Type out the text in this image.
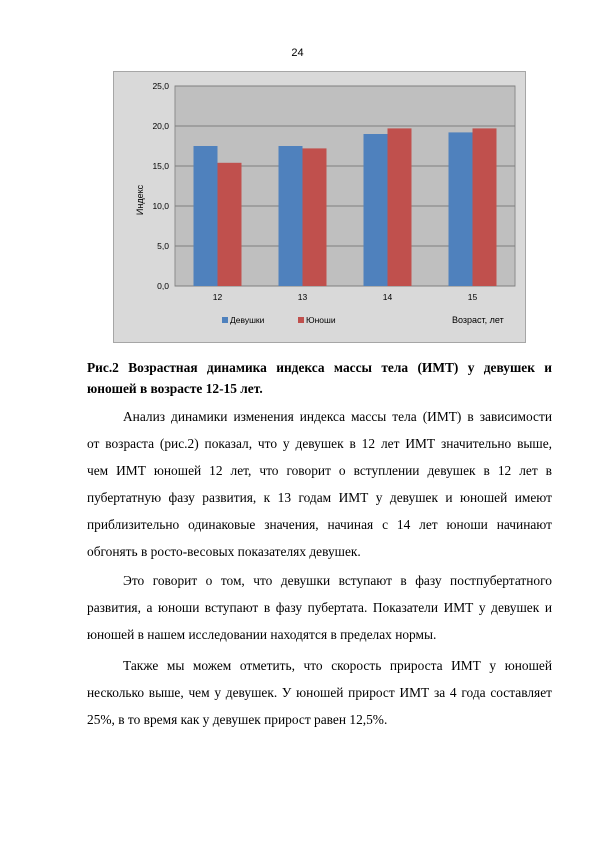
24
0,0
5,0
10,0
15,0
20,0
25,0
Индекс
12	13	14	15
Девушки	Юноши	Возраст, лет
Рис.2 Возрастная динамика индекса массы тела (ИМТ) у девушек и
юношей в возрасте 12-15 лет.
Анализ динамики изменения индекса массы тела (ИМТ) в зависимости
от возраста (рис.2) показал, что у девушек в 12 лет ИМТ значительно выше,
чем ИМТ юношей 12 лет, что говорит о вступлении девушек в 12 лет в
пубертатную фазу развития, к 13 годам ИМТ у девушек и юношей имеют
приблизительно одинаковые значения, начиная с 14 лет юноши начинают
обгонять в росто-весовых показателях девушек.
Это говорит о том, что девушки вступают в фазу постпубертатного
развития, а юноши вступают в фазу пубертата. Показатели ИМТ у девушек и
юношей в нашем исследовании находятся в пределах нормы.
Также мы можем отметить, что скорость прироста ИМТ у юношей
несколько выше, чем у девушек. У юношей прирост ИМТ за 4 года составляет
25%, в то время как у девушек прирост равен 12,5%.
